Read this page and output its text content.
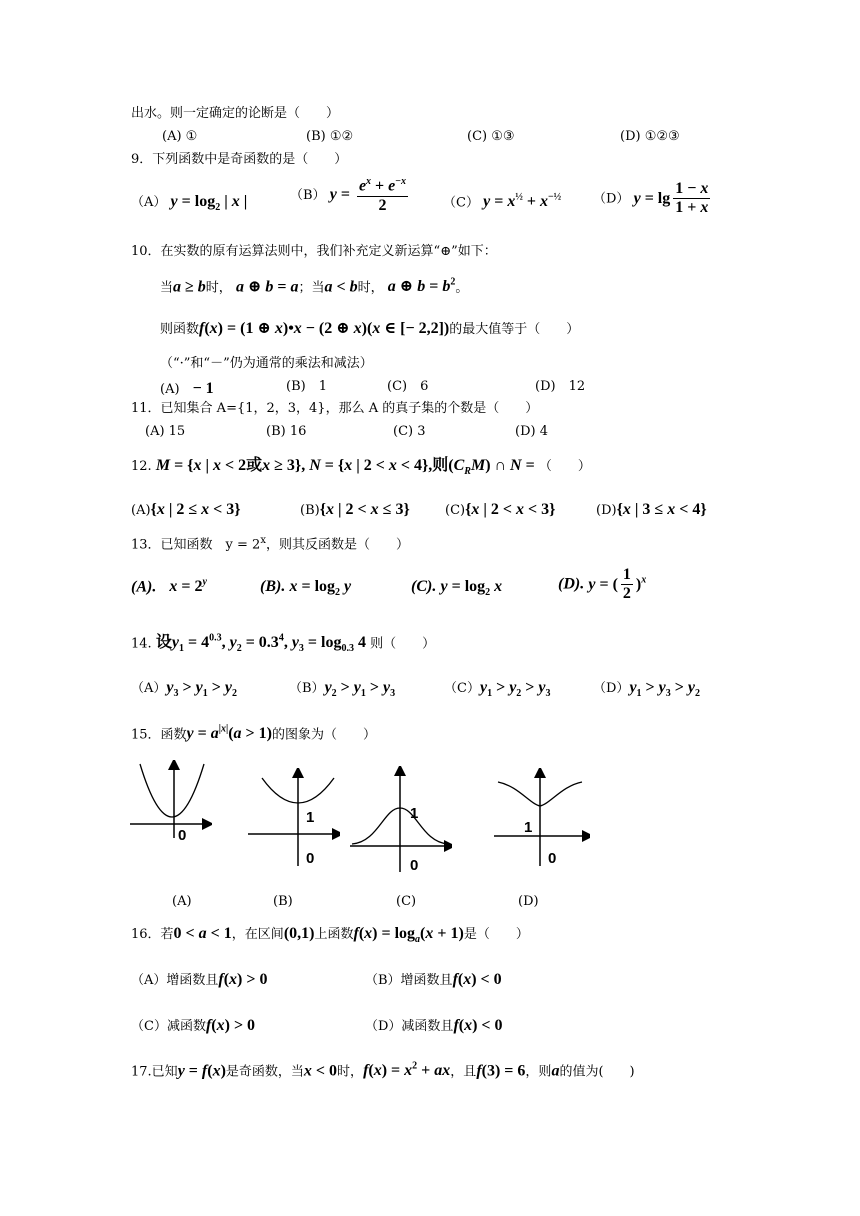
出水。则一定确定的论断是（　　）
(A) ①	(B) ①②	(C) ①③	(D) ①②③
9．下列函数中是奇函数的是（　　）
（A） $y = \log_2$ | x |	（B） $y = \frac{e^x + e^{-x}}{2}$	（C） $y = x^{\frac{1}{2}} + x^{-\frac{1}{2}}$ （D） $y = \lg \frac{1 - x}{1 + x}$
10．在实数的原有运算法则中，我们补充定义新运算“⊕”如下：
当a ≥ b时， a ⊕ b = a；当a < b时， a ⊕ $b = b^2$。
则函数f(x) = (1 ⊕ x)•x − (2 ⊕ x)(x ∈ [− 2,2])的最大值等于（　　）
（“·”和“－”仍为通常的乘法和减法）
(A)　 − 1	(B)　 1	(C)　 6	(D)　 12
11．已知集合 A={1，2，3，4}，那么 A 的真子集的个数是（　　）
(A) 15	(B) 16	(C) 3	(D) 4
12. M = {x | x < 2或x ≥ 3}, N = {x | 2 < x < 4},则$(C_RM)$ ∩ N = （　　）
(A){x | 2 ≤ x < 3}	(B){x | 2 < x ≤ 3}	(C){x | 2 < x < 3}	(D){x | 3 ≤ x < 4}
13．已知函数　$y = 2^x$，则其反函数是（　　）
(A).　 $x = 2^y$	(B). $x = \log_2 y$	(C). $y = \log_2 x$	(D). y = ( $\frac{1}{2} )^x$
14. 设$y_1 = 4^{0.3}$, $y_2 = 0.3^4$, $y_3 = \log_{0.3} 4$ 则（　　）
$(A)y_3 > y_1 > y_2$	$(B)y_2 > y_1 > y_3$	$(C)y_1 > y_2 > y_3$	$(D)y_1 > y_3 > y_2$
15．函数$y = a^{|x|}(a > 1)$的图象为（　　）
0
1
0
1
0
1
0
(A)	(B)	(C)	(D)
16．若0 < a < 1，在区间(0,1)上函数$f(x) = \log_a(x + 1)$是（　　）
（A）增函数且f(x) > 0	（B）增函数且f(x) < 0
（C）减函数f(x) > 0	（D）减函数且f(x) < 0
17.已知y = f(x)是奇函数，当x < 0时，$f(x) = x^2$ + ax，且f(3) = 6，则a的值为(　　)
